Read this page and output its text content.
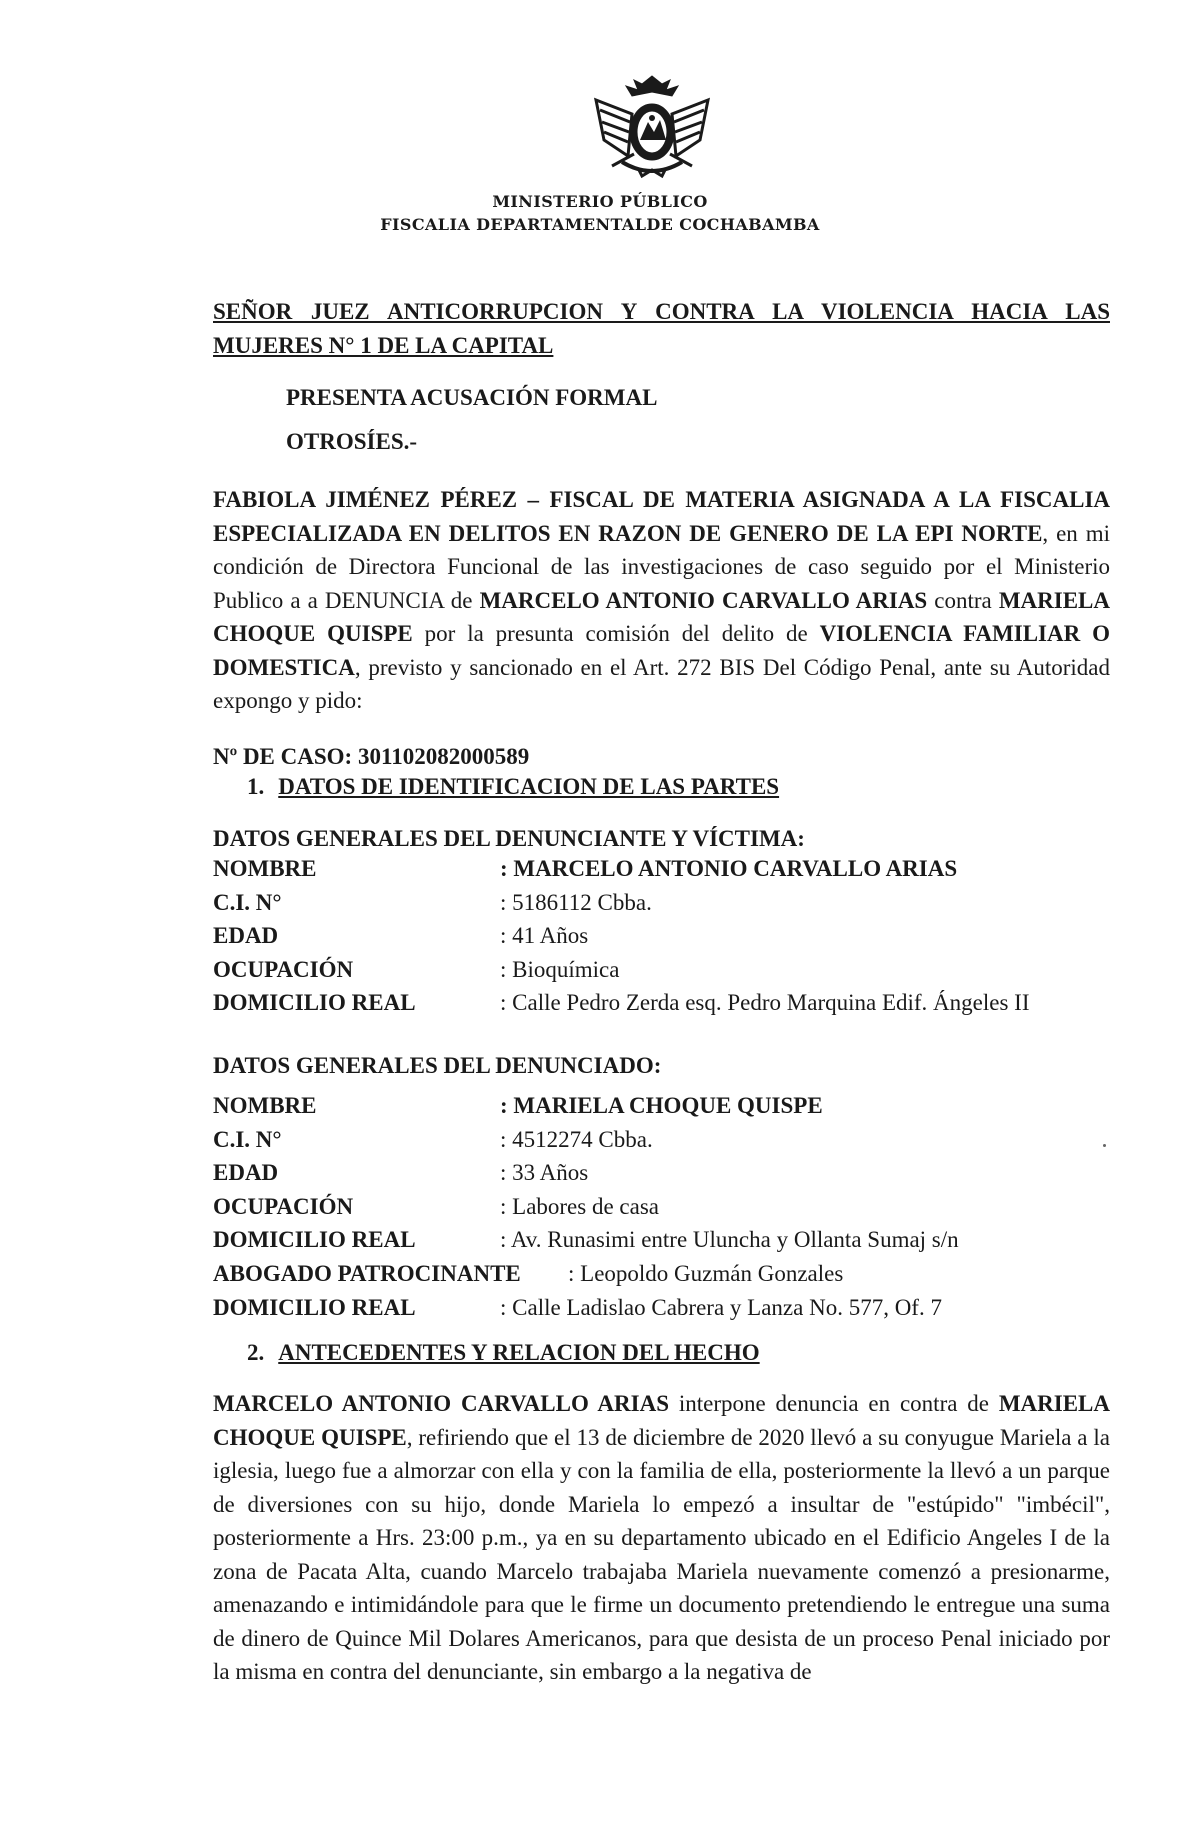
MINISTERIO PÚBLICO
FISCALIA DEPARTAMENTALDE COCHABAMBA
SEÑOR JUEZ ANTICORRUPCION Y CONTRA LA VIOLENCIA HACIA LAS MUJERES N° 1 DE LA CAPITAL
PRESENTA ACUSACIÓN FORMAL
OTROSÍES.-
FABIOLA JIMÉNEZ PÉREZ – FISCAL DE MATERIA ASIGNADA A LA FISCALIA ESPECIALIZADA EN DELITOS EN RAZON DE GENERO DE LA EPI NORTE, en mi condición de Directora Funcional de las investigaciones de caso seguido por el Ministerio Publico a a DENUNCIA de MARCELO ANTONIO CARVALLO ARIAS contra MARIELA CHOQUE QUISPE por la presunta comisión del delito de VIOLENCIA FAMILIAR O DOMESTICA, previsto y sancionado en el Art. 272 BIS Del Código Penal, ante su Autoridad expongo y pido:
Nº DE CASO: 301102082000589
1. DATOS DE IDENTIFICACION DE LAS PARTES
DATOS GENERALES DEL DENUNCIANTE Y VÍCTIMA:
NOMBRE	: MARCELO ANTONIO CARVALLO ARIAS
C.I. N°	: 5186112 Cbba.
EDAD	: 41 Años
OCUPACIÓN	: Bioquímica
DOMICILIO REAL	: Calle Pedro Zerda esq. Pedro Marquina Edif. Ángeles II
DATOS GENERALES DEL DENUNCIADO:
NOMBRE	: MARIELA CHOQUE QUISPE
C.I. N°	: 4512274 Cbba.
EDAD	: 33 Años
OCUPACIÓN	: Labores de casa
DOMICILIO REAL	: Av. Runasimi entre Uluncha y Ollanta Sumaj s/n
ABOGADO PATROCINANTE : Leopoldo Guzmán Gonzales
DOMICILIO REAL	: Calle Ladislao Cabrera y Lanza No. 577, Of. 7
2. ANTECEDENTES Y RELACION DEL HECHO
MARCELO ANTONIO CARVALLO ARIAS interpone denuncia en contra de MARIELA CHOQUE QUISPE, refiriendo que el 13 de diciembre de 2020 llevó a su conyugue Mariela a la iglesia, luego fue a almorzar con ella y con la familia de ella, posteriormente la llevó a un parque de diversiones con su hijo, donde Mariela lo empezó a insultar de "estúpido" "imbécil", posteriormente a Hrs. 23:00 p.m., ya en su departamento ubicado en el Edificio Angeles I de la zona de Pacata Alta, cuando Marcelo trabajaba Mariela nuevamente comenzó a presionarme, amenazando e intimidándole para que le firme un documento pretendiendo le entregue una suma de dinero de Quince Mil Dolares Americanos, para que desista de un proceso Penal iniciado por la misma en contra del denunciante, sin embargo a la negativa de
